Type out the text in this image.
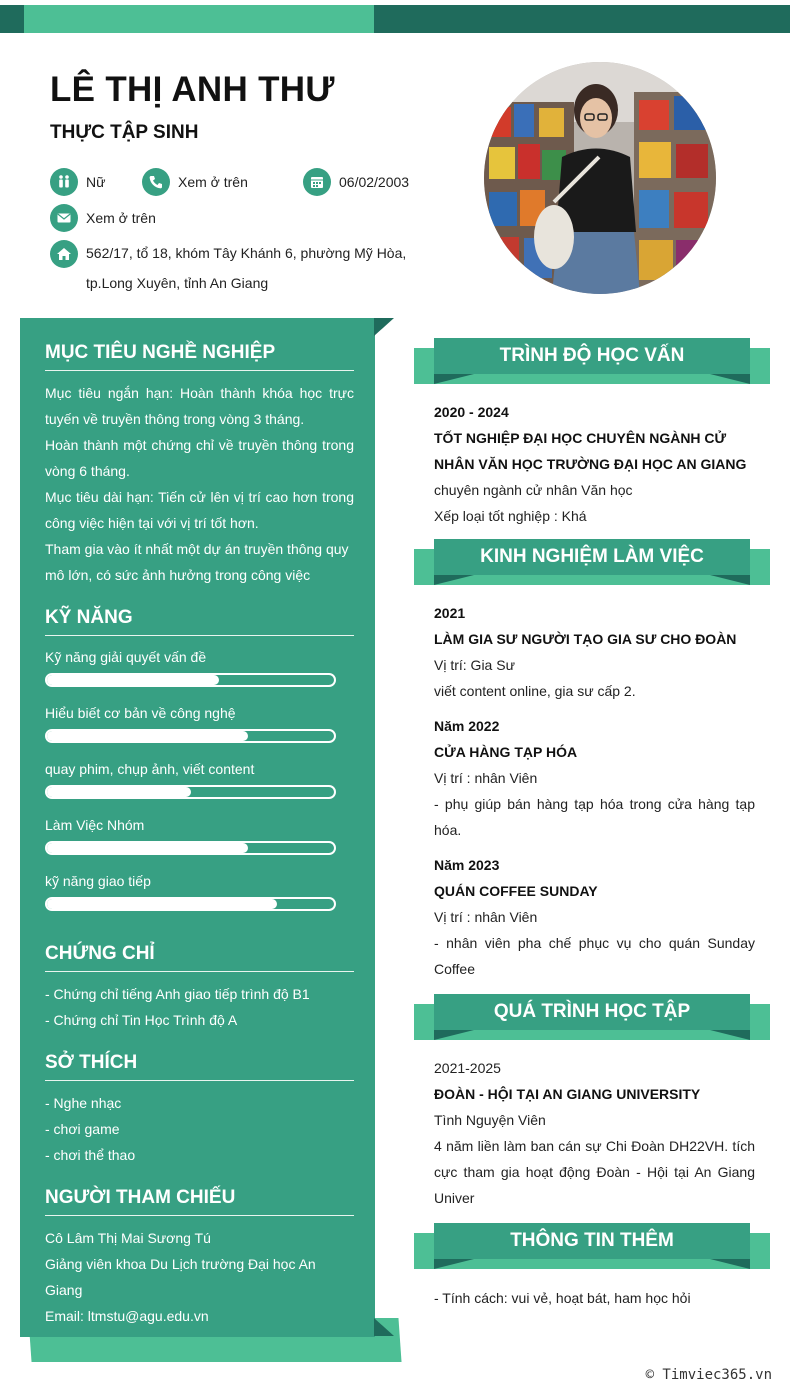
LÊ THỊ ANH THƯ
THỰC TẬP SINH
Nữ	Xem ở trên	06/02/2003
Xem ở trên
562/17, tổ 18, khóm Tây Khánh 6, phường Mỹ Hòa,
tp.Long Xuyên, tỉnh An Giang
MỤC TIÊU NGHỀ NGHIỆP
Mục tiêu ngắn hạn: Hoàn thành khóa học trực tuyến về truyền thông trong vòng 3 tháng.
Hoàn thành một chứng chỉ về truyền thông trong vòng 6 tháng.
Mục tiêu dài hạn: Tiến cử lên vị trí cao hơn trong công việc hiện tại với vị trí tốt hơn.
Tham gia vào ít nhất một dự án truyền thông quy mô lớn, có sức ảnh hưởng trong công việc
KỸ NĂNG
Kỹ năng giải quyết vấn đề
Hiểu biết cơ bản về công nghệ
quay phim, chụp ảnh, viết content
Làm Việc Nhóm
kỹ năng giao tiếp
CHỨNG CHỈ
- Chứng chỉ tiếng Anh giao tiếp trình độ B1
- Chứng chỉ Tin Học Trình độ A
SỞ THÍCH
- Nghe nhạc
- chơi game
- chơi thể thao
NGƯỜI THAM CHIẾU
Cô Lâm Thị Mai Sương Tú
Giảng viên khoa Du Lịch trường Đại học An Giang
Email: ltmstu@agu.edu.vn
TRÌNH ĐỘ HỌC VẤN
2020 - 2024
TỐT NGHIỆP ĐẠI HỌC CHUYÊN NGÀNH CỬ NHÂN VĂN HỌC TRƯỜNG ĐẠI HỌC AN GIANG
chuyên ngành cử nhân Văn học
Xếp loại tốt nghiệp : Khá
KINH NGHIỆM LÀM VIỆC
2021
LÀM GIA SƯ NGƯỜI TẠO GIA SƯ CHO ĐOÀN
Vị trí: Gia Sư
viết content online, gia sư cấp 2.
Năm 2022
CỬA HÀNG TẠP HÓA
Vị trí : nhân Viên
- phụ giúp bán hàng tạp hóa trong cửa hàng tạp hóa.
Năm 2023
QUÁN COFFEE SUNDAY
Vị trí : nhân Viên
- nhân viên pha chế phục vụ cho quán Sunday Coffee
QUÁ TRÌNH HỌC TẬP
2021-2025
ĐOÀN - HỘI TẠI AN GIANG UNIVERSITY
Tình Nguyện Viên
4 năm liền làm ban cán sự Chi Đoàn DH22VH. tích cực tham gia hoạt động Đoàn - Hội tại An Giang Univer
THÔNG TIN THÊM
- Tính cách: vui vẻ, hoạt bát, ham học hỏi
© Timviec365.vn
